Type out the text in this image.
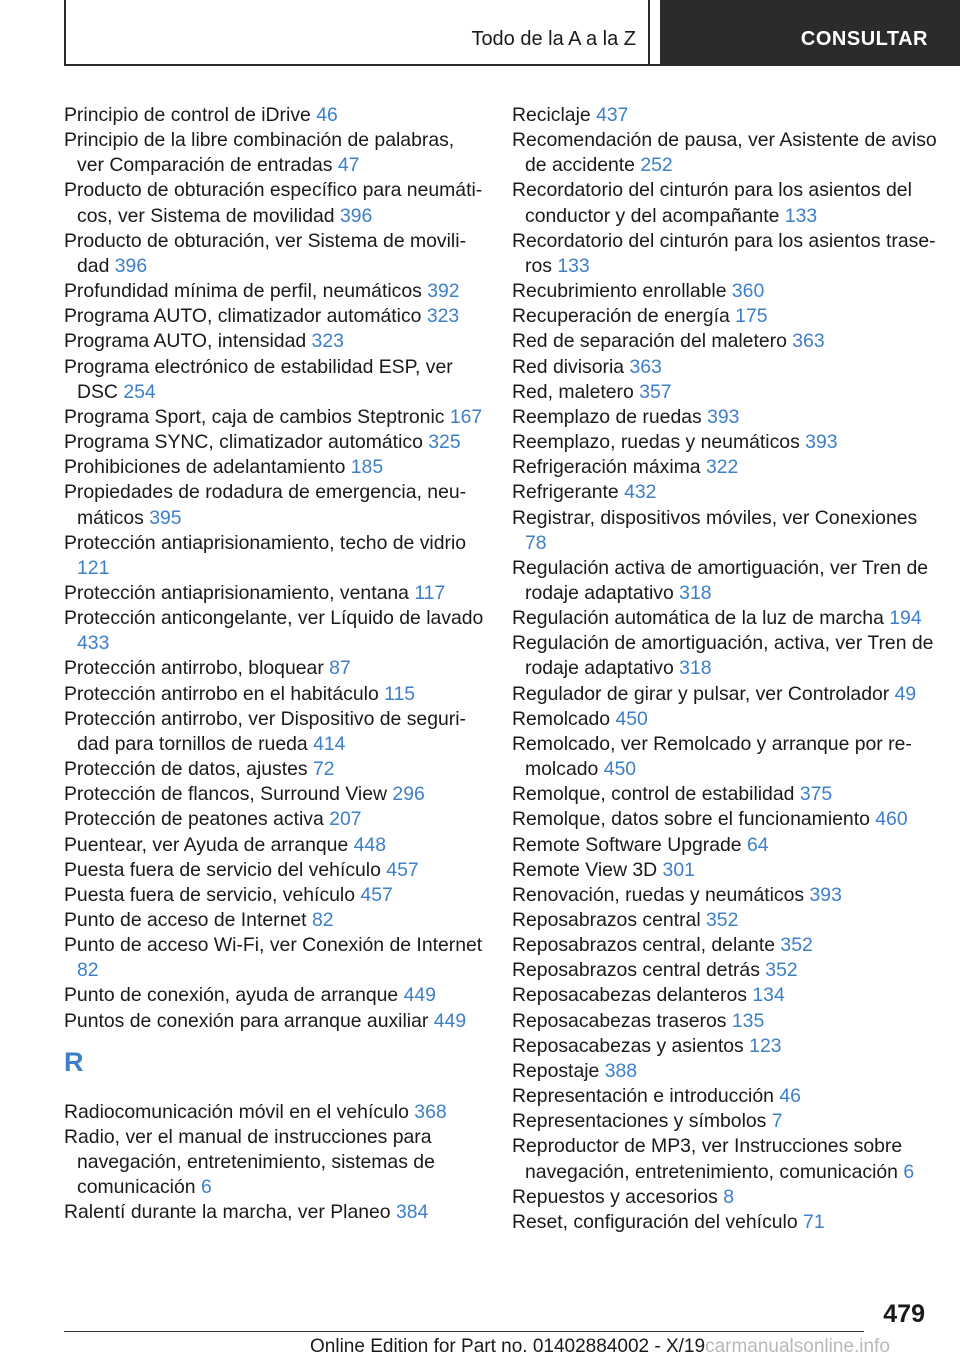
Todo de la A a la Z	CONSULTAR
Principio de control de iDrive 46
Principio de la libre combinación de palabras, ver Comparación de entradas 47
Producto de obturación específico para neumáticos, ver Sistema de movilidad 396
Producto de obturación, ver Sistema de movilidad 396
Profundidad mínima de perfil, neumáticos 392
Programa AUTO, climatizador automático 323
Programa AUTO, intensidad 323
Programa electrónico de estabilidad ESP, ver DSC 254
Programa Sport, caja de cambios Steptronic 167
Programa SYNC, climatizador automático 325
Prohibiciones de adelantamiento 185
Propiedades de rodadura de emergencia, neumáticos 395
Protección antiaprisionamiento, techo de vidrio 121
Protección antiaprisionamiento, ventana 117
Protección anticongelante, ver Líquido de lavado 433
Protección antirrobo, bloquear 87
Protección antirrobo en el habitáculo 115
Protección antirrobo, ver Dispositivo de seguridad para tornillos de rueda 414
Protección de datos, ajustes 72
Protección de flancos, Surround View 296
Protección de peatones activa 207
Puentear, ver Ayuda de arranque 448
Puesta fuera de servicio del vehículo 457
Puesta fuera de servicio, vehículo 457
Punto de acceso de Internet 82
Punto de acceso Wi-Fi, ver Conexión de Internet 82
Punto de conexión, ayuda de arranque 449
Puntos de conexión para arranque auxiliar 449
R
Radiocomunicación móvil en el vehículo 368
Radio, ver el manual de instrucciones para navegación, entretenimiento, sistemas de comunicación 6
Ralentí durante la marcha, ver Planeo 384
Reciclaje 437
Recomendación de pausa, ver Asistente de aviso de accidente 252
Recordatorio del cinturón para los asientos del conductor y del acompañante 133
Recordatorio del cinturón para los asientos traseros 133
Recubrimiento enrollable 360
Recuperación de energía 175
Red de separación del maletero 363
Red divisoria 363
Red, maletero 357
Reemplazo de ruedas 393
Reemplazo, ruedas y neumáticos 393
Refrigeración máxima 322
Refrigerante 432
Registrar, dispositivos móviles, ver Conexiones 78
Regulación activa de amortiguación, ver Tren de rodaje adaptativo 318
Regulación automática de la luz de marcha 194
Regulación de amortiguación, activa, ver Tren de rodaje adaptativo 318
Regulador de girar y pulsar, ver Controlador 49
Remolcado 450
Remolcado, ver Remolcado y arranque por remolcado 450
Remolque, control de estabilidad 375
Remolque, datos sobre el funcionamiento 460
Remote Software Upgrade 64
Remote View 3D 301
Renovación, ruedas y neumáticos 393
Reposabrazos central 352
Reposabrazos central, delante 352
Reposabrazos central detrás 352
Reposacabezas delanteros 134
Reposacabezas traseros 135
Reposacabezas y asientos 123
Repostaje 388
Representación e introducción 46
Representaciones y símbolos 7
Reproductor de MP3, ver Instrucciones sobre navegación, entretenimiento, comunicación 6
Repuestos y accesorios 8
Reset, configuración del vehículo 71
479
Online Edition for Part no. 01402884002 - X/19carmanualsonline.info
